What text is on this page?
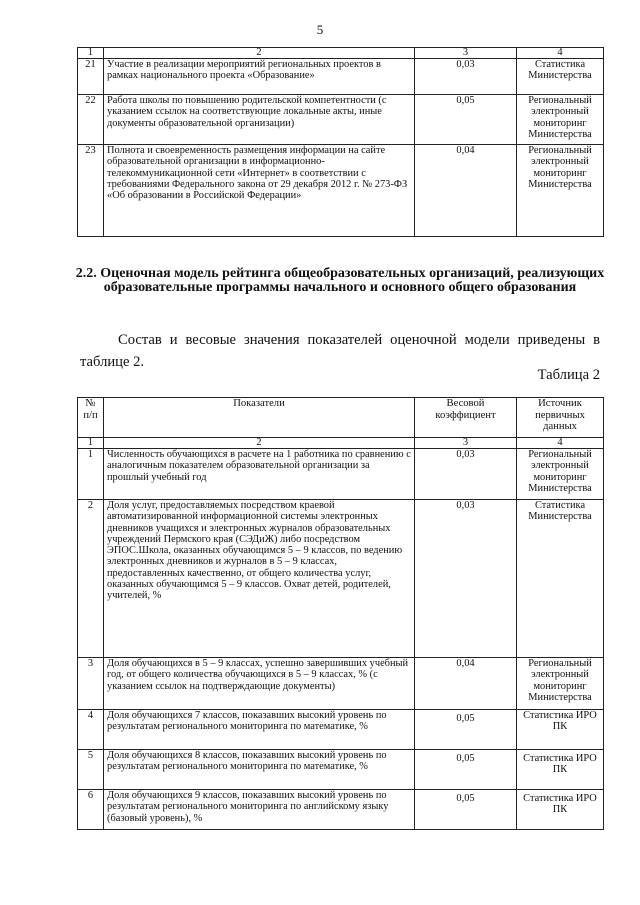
5
1	2	3	4
21	Участие в реализации мероприятий региональных проектов в рамках национального проекта «Образование»	0,03	Статистика Министерства
22	Работа школы по повышению родительской компетентности (с указанием ссылок на соответствующие локальные акты, иные документы образовательной организации)	0,05	Региональный электронный мониторинг Министерства
23	Полнота и своевременность размещения информации на сайте образовательной организации в информационно-телекоммуникационной сети «Интернет» в соответствии с требованиями Федерального закона от 29 декабря 2012 г. № 273-ФЗ «Об образовании в Российской Федерации»	0,04	Региональный электронный мониторинг Министерства
2.2. Оценочная модель рейтинга общеобразовательных организаций, реализующих образовательные программы начального и основного общего образования
Состав и весовые значения показателей оценочной модели приведены в таблице 2.
Таблица 2
№ п/п	Показатели	Весовой коэффициент	Источник первичных данных
1	2	3	4
1	Численность обучающихся в расчете на 1 работника по сравнению с аналогичным показателем образовательной организации за прошлый учебный год	0,03	Региональный электронный мониторинг Министерства
2	Доля услуг, предоставляемых посредством краевой автоматизированной информационной системы электронных дневников учащихся и электронных журналов образовательных учреждений Пермского края (СЭДиЖ) либо посредством ЭПОС.Школа, оказанных обучающимся 5 – 9 классов, по ведению электронных дневников и журналов в 5 – 9 классах, предоставленных качественно, от общего количества услуг, оказанных обучающимся 5 – 9 классов. Охват детей, родителей, учителей, %	0,03	Статистика Министерства
3	Доля обучающихся в 5 – 9 классах, успешно завершивших учебный год, от общего количества обучающихся в 5 – 9 классах, % (с указанием ссылок на подтверждающие документы)	0,04	Региональный электронный мониторинг Министерства
4	Доля обучающихся 7 классов, показавших высокий уровень по результатам регионального мониторинга по математике, %	0,05	Статистика ИРО ПК
5	Доля обучающихся 8 классов, показавших высокий уровень по результатам регионального мониторинга по математике, %	0,05	Статистика ИРО ПК
6	Доля обучающихся 9 классов, показавших высокий уровень по результатам регионального мониторинга по английскому языку (базовый уровень), %	0,05	Статистика ИРО ПК
